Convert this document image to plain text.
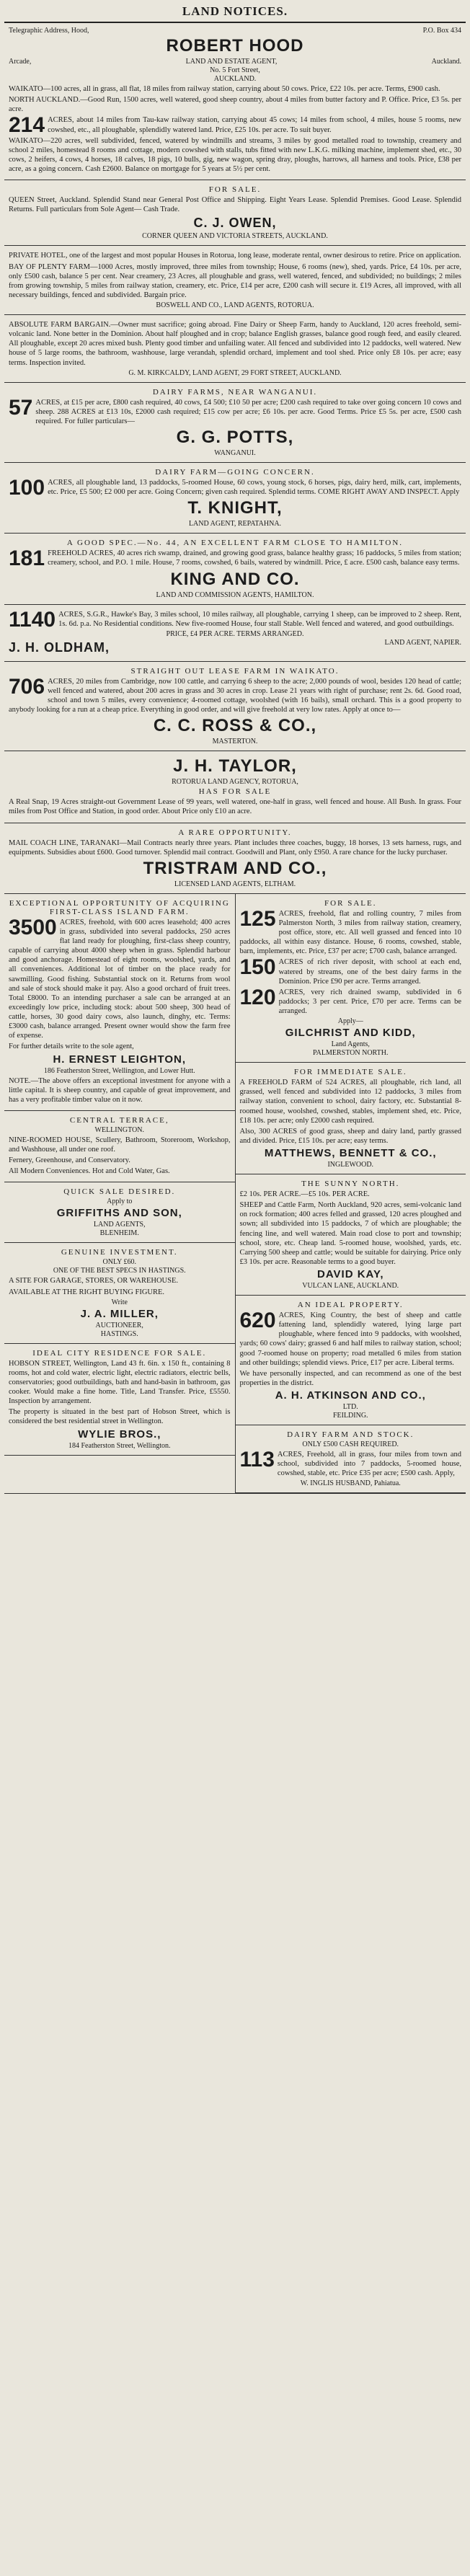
LAND NOTICES.
Telegraphic Address, Hood,	P.O. Box 434
ROBERT HOOD
Arcade,	LAND AND ESTATE AGENT,	Auckland.
No. 5 Fort Street,
AUCKLAND.

WAIKATO—100 acres, all in grass, all flat, 18 miles from railway station, carrying about 50 cows. Price, £22 10s. per acre. Terms, £900 cash.

NORTH AUCKLAND.—Good Run, 1500 acres, well watered, good sheep country, about 4 miles from butter factory and P. Office. Price, £3 5s. per acre.

214 ACRES, about 14 miles from Tau-kaw railway station, carrying about 45 cows; 14 miles from school, 4 miles, house 5 rooms, new cowshed, etc., all ploughable, splendidly watered land. Price, £25 10s. per acre. To suit buyer.

WAIKATO—220 acres, well subdivided, fenced, watered by windmills and streams, 3 miles by good metalled road to township, creamery and school 2 miles, homestead 8 rooms and cottage, modern cowshed with stalls, tubs fitted with new L.K.G. milking machine, implement shed, etc., 30 cows, 2 heifers, 4 cows, 4 horses, 18 calves, 18 pigs, 10 bulls, gig, new wagon, spring dray, ploughs, harrows, all harness and tools. Price, £38 per acre, as a going concern. Cash £2600. Balance on mortgage for 5 years at 5½ per cent.

FOR SALE.

QUEEN Street, Auckland. Splendid Stand near General Post Office and Shipping. Eight Years Lease. Splendid Premises. Good Lease. Splendid Returns. Full particulars from Sole Agent— Cash Trade.

C. J. OWEN,
CORNER QUEEN AND VICTORIA STREETS, AUCKLAND.

PRIVATE HOTEL, one of the largest and most popular Houses in Rotorua, long lease, moderate rental, owner desirous to retire. Price on application.

BAY OF PLENTY FARM—1000 Acres, mostly improved, three miles from township; House, 6 rooms (new), shed, yards. Price, £4 10s. per acre, only £500 cash, balance 5 per cent. Near creamery, 23 Acres, all ploughable and grass, well watered, fenced, and subdivided; no buildings; 2 miles from growing township, 5 miles from railway station, creamery, etc. Price, £14 per acre, £200 cash will secure it. £19 Acres, all improved, with all necessary buildings, fenced and subdivided. Bargain price.

BOSWELL AND CO., LAND AGENTS, ROTORUA.

ABSOLUTE FARM BARGAIN.—Owner must sacrifice; going abroad. Fine Dairy or Sheep Farm, handy to Auckland, 120 acres freehold, semi-volcanic land. None better in the Dominion. About half ploughed and in crop; balance English grasses, balance good rough feed, and easily cleared. All ploughable, except 20 acres mixed bush. Plenty good timber and unfailing water. All fenced and subdivided into 12 paddocks, well watered. New house of 5 large rooms, the bathroom, washhouse, large verandah, splendid orchard, implement and tool shed. Price only £8 10s. per acre; easy terms. Inspection invited.

G. M. KIRKCALDY, LAND AGENT, 29 FORT STREET, AUCKLAND.
DAIRY FARMS, NEAR WANGANUI.

57 ACRES, at £15 per acre, £800 cash required, 40 cows, £4 500; £10 50 per acre; £200 cash required to take over going concern 10 cows and sheep. 288 ACRES at £13 10s, £2000 cash required; £15 cow per acre; £6 10s. per acre. Good Terms. Price £5 5s. per acre, £500 cash required. For fuller particulars—

G. G. POTTS,
WANGANUI.
DAIRY FARM—GOING CONCERN.

100 ACRES, all ploughable land, 13 paddocks, 5-roomed House, 60 cows, young stock, 6 horses, pigs, dairy herd, milk, cart, implements, etc. Price, £5 500; £2 000 per acre. Going Concern; given cash required. Splendid terms. COME RIGHT AWAY AND INSPECT. Apply

T. KNIGHT,
LAND AGENT, REPATAHNA.
A GOOD SPEC.—No. 44, AN EXCELLENT FARM CLOSE TO HAMILTON.

181 FREEHOLD ACRES, 40 acres rich swamp, drained, and growing good grass, balance healthy grass; 16 paddocks, 5 miles from station; creamery, school, and P.O. 1 mile. House, 7 rooms, cowshed, 6 bails, watered by windmill. Price, £ acre. £500 cash, balance easy terms.

KING AND CO.
LAND AND COMMISSION AGENTS, HAMILTON.

1140 ACRES, S.G.R., Hawke's Bay, 3 miles school, 10 miles railway, all ploughable, carrying 1 sheep, can be improved to 2 sheep. Rent, 1s. 6d. p.a. No Residential conditions. New five-roomed House, four stall Stable. Well fenced and watered, and good outbuildings.

PRICE, £4 PER ACRE. TERMS ARRANGED.
J. H. OLDHAM,	LAND AGENT, NAPIER.
STRAIGHT OUT LEASE FARM IN WAIKATO.

706 ACRES, 20 miles from Cambridge, now 100 cattle, and carrying 6 sheep to the acre; 2,000 pounds of wool, besides 120 head of cattle; well fenced and watered, about 200 acres in grass and 30 acres in crop. Lease 21 years with right of purchase; rent 2s. 6d. Good road, school and town 5 miles, every convenience; 4-roomed cottage, woolshed (with 16 bails), small orchard. This is a good property to anybody looking for a run at a cheap price. Everything in good order, and will give freehold at very low rates. Apply at once to—

C. C. ROSS & CO.,
MASTERTON.
J. H. TAYLOR,
ROTORUA LAND AGENCY, ROTORUA,
HAS FOR SALE

A Real Snap, 19 Acres straight-out Government Lease of 99 years, well watered, one-half in grass, well fenced and house. All Bush. In grass. Four miles from Post Office and Station, in good order. About Price only £10 an acre.

A RARE OPPORTUNITY.

MAIL COACH LINE, TARANAKI—Mail Contracts nearly three years. Plant includes three coaches, buggy, 18 horses, 13 sets harness, rugs, and equipments. Subsidies about £600. Good turnover. Splendid mail contract. Goodwill and Plant, only £950. A rare chance for the lucky purchaser.

TRISTRAM AND CO.,
LICENSED LAND AGENTS, ELTHAM.
EXCEPTIONAL OPPORTUNITY OF ACQUIRING FIRST-CLASS ISLAND FARM.

3500 ACRES, freehold, with 600 acres leasehold; 400 acres in grass, subdivided into several paddocks, 250 acres flat land ready for ploughing, first-class sheep country, capable of carrying about 4000 sheep when in grass. Splendid harbour and good anchorage. Homestead of eight rooms, woolshed, yards, and all conveniences. Additional lot of timber on the place ready for sawmilling. Good fishing. Substantial stock on it. Returns from wool and sale of stock should make it pay. Also a good orchard of fruit trees. Total £8000. To an intending purchaser a sale can be arranged at an exceedingly low price, including stock: about 500 sheep, 300 head of cattle, horses, 30 good dairy cows, also launch, dinghy, etc. Terms: £3000 cash, balance arranged. Present owner would show the farm free of expense.

For further details write to the sole agent,

H. ERNEST LEIGHTON,
186 Featherston Street, Wellington, and Lower Hutt.

NOTE.—The above offers an exceptional investment for anyone with a little capital. It is sheep country, and capable of great improvement, and has a very profitable timber value on it now.

CENTRAL TERRACE,
WELLINGTON.

NINE-ROOMED HOUSE, Scullery, Bathroom, Storeroom, Workshop, and Washhouse, all under one roof.

Fernery, Greenhouse, and Conservatory.

All Modern Conveniences. Hot and Cold Water, Gas.

QUICK SALE DESIRED.
Apply to
GRIFFITHS AND SON,
LAND AGENTS,
BLENHEIM.
GENUINE INVESTMENT.
ONLY £60.
ONE OF THE BEST SPECS IN HASTINGS.

A SITE FOR GARAGE, STORES, OR WAREHOUSE.

AVAILABLE AT THE RIGHT BUYING FIGURE.

Write
J. A. MILLER,
AUCTIONEER,
HASTINGS.
IDEAL CITY RESIDENCE FOR SALE.

HOBSON STREET, Wellington, Land 43 ft. 6in. x 150 ft., containing 8 rooms, hot and cold water, electric light, electric radiators, electric bells, conservatories; good outbuildings, bath and hand-basin in bathroom, gas cooker. Would make a fine home. Title, Land Transfer. Price, £5550. Inspection by arrangement.

The property is situated in the best part of Hobson Street, which is considered the best residential street in Wellington.

WYLIE BROS.,
184 Featherston Street, Wellington.
FOR SALE.

125 ACRES, freehold, flat and rolling country, 7 miles from Palmerston North, 3 miles from railway station, creamery, post office, store, etc. All well grassed and fenced into 10 paddocks, all within easy distance. House, 6 rooms, cowshed, stable, barn, implements, etc. Price, £37 per acre; £700 cash, balance arranged.

150 ACRES of rich river deposit, with school at each end, watered by streams, one of the best dairy farms in the Dominion. Price £90 per acre. Terms arranged.

120 ACRES, very rich drained swamp, subdivided in 6 paddocks; 3 per cent. Price, £70 per acre. Terms can be arranged.

Apply—
GILCHRIST AND KIDD,
Land Agents,
PALMERSTON NORTH.
FOR IMMEDIATE SALE.

A FREEHOLD FARM of 524 ACRES, all ploughable, rich land, all grassed, well fenced and subdivided into 12 paddocks, 3 miles from railway station, convenient to school, dairy factory, etc. Substantial 8-roomed house, woolshed, cowshed, stables, implement shed, etc. Price, £18 10s. per acre; only £2000 cash required.

Also, 300 ACRES of good grass, sheep and dairy land, partly grassed and divided. Price, £15 10s. per acre; easy terms.

MATTHEWS, BENNETT & CO.,
INGLEWOOD.
THE SUNNY NORTH.

£2 10s. PER ACRE.—£5 10s. PER ACRE.

SHEEP and Cattle Farm, North Auckland, 920 acres, semi-volcanic land on rock formation; 400 acres felled and grassed, 120 acres ploughed and sown; all subdivided into 15 paddocks, 7 of which are ploughable; the fencing line, and well watered. Main road close to port and township; school, store, etc. Cheap land. 5-roomed house, woolshed, yards, etc. Carrying 500 sheep and cattle; would be suitable for dairying. Price only £3 10s. per acre. Reasonable terms to a good buyer.

DAVID KAY,
VULCAN LANE, AUCKLAND.
AN IDEAL PROPERTY.

620 ACRES, King Country, the best of sheep and cattle fattening land, splendidly watered, lying large part ploughable, where fenced into 9 paddocks, with woolshed, yards; 60 cows' dairy; grassed 6 and half miles to railway station, school; good 7-roomed house on property; road metalled 6 miles from station and other buildings; splendid views. Price, £17 per acre. Liberal terms.

We have personally inspected, and can recommend as one of the best properties in the district.

A. H. ATKINSON AND CO.,
LTD.
FEILDING.
DAIRY FARM AND STOCK.
ONLY £500 CASH REQUIRED.

113 ACRES, Freehold, all in grass, four miles from town and school, subdivided into 7 paddocks, 5-roomed house, cowshed, stable, etc. Price £35 per acre; £500 cash. Apply,

W. INGLIS HUSBAND, Pahiatua.
